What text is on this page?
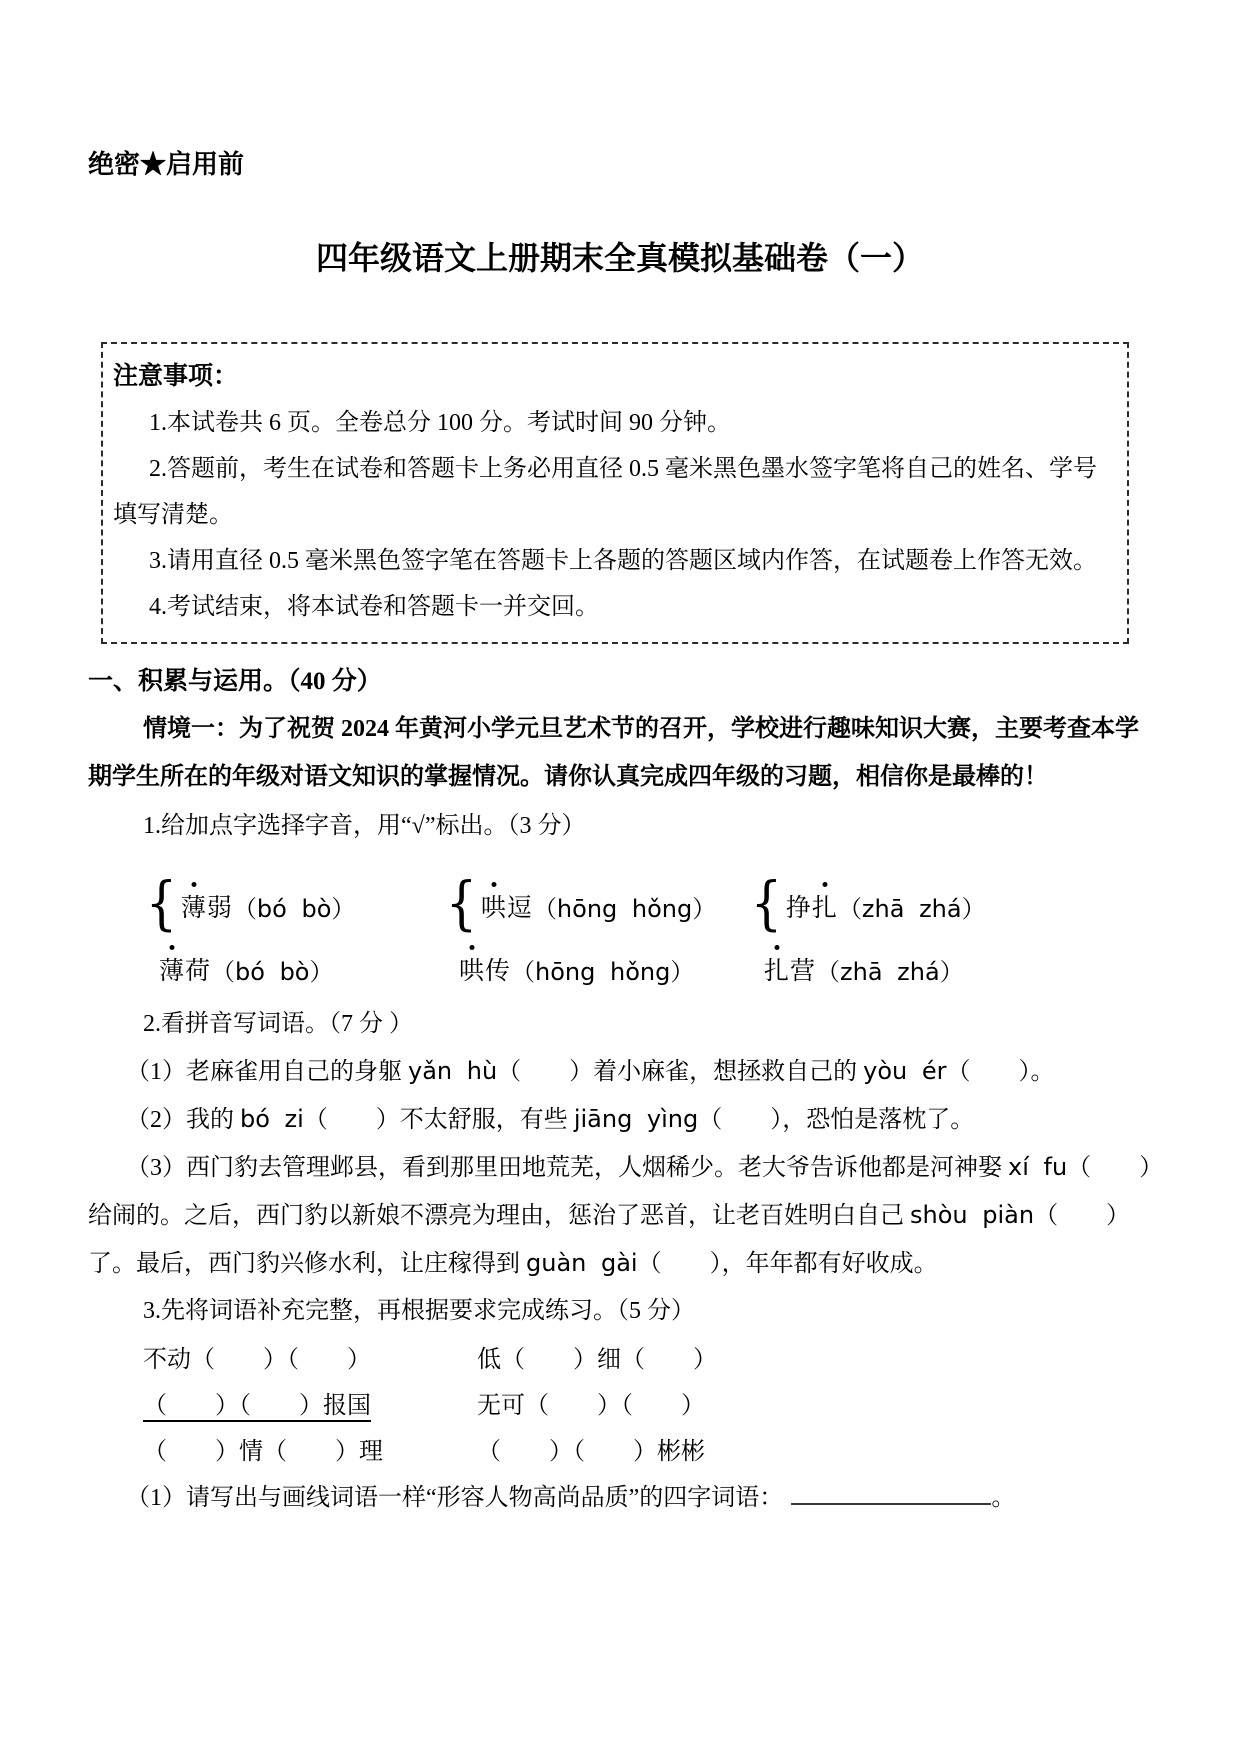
绝密★启用前
四年级语文上册期末全真模拟基础卷（一）
注意事项：

1.本试卷共 6 页。全卷总分 100 分。考试时间 90 分钟。

2.答题前，考生在试卷和答题卡上务必用直径 0.5 毫米黑色墨水签字笔将自己的姓名、学号填写清楚。

3.请用直径 0.5 毫米黑色签字笔在答题卡上各题的答题区域内作答，在试题卷上作答无效。

4.考试结束，将本试卷和答题卡一并交回。

一、积累与运用。（40 分）

情境一：为了祝贺 2024 年黄河小学元旦艺术节的召开，学校进行趣味知识大赛，主要考查本学期学生所在的年级对语文知识的掌握情况。请你认真完成四年级的习题，相信你是最棒的！

1.给加点字选择字音，用“√”标出。（3 分）

{ 薄弱 （bó bò） { 哄逗 （hōng hǒng） { 挣扎 （zhā zhá）
薄荷 （bó bò）	哄传 （hōng hǒng）	扎营 （zhā zhá）

2.看拼音写词语。（7 分 ）

（1）老麻雀用自己的身躯 yǎn hù（　　）着小麻雀，想拯救自己的 yòu ér（　　）。

（2）我的 bó zi（　　）不太舒服，有些 jiāng yìng（　　），恐怕是落枕了。

（3）西门豹去管理邺县，看到那里田地荒芜，人烟稀少。老大爷告诉他都是河神娶 xí fu（　　）给闹的。之后，西门豹以新娘不漂亮为理由，惩治了恶首，让老百姓明白自己 shòu piàn（　　）了。最后，西门豹兴修水利，让庄稼得到 guàn gài（　　），年年都有好收成。

3.先将词语补充完整，再根据要求完成练习。（5 分）

不动（　　）（　　）	低（　　）细（　　）
（　　）（　　）报国	无可（　　）（　　）
（　　）情（　　）理	（　　）（　　）彬彬

（1）请写出与画线词语一样“形容人物高尚品质”的四字词语：	。
